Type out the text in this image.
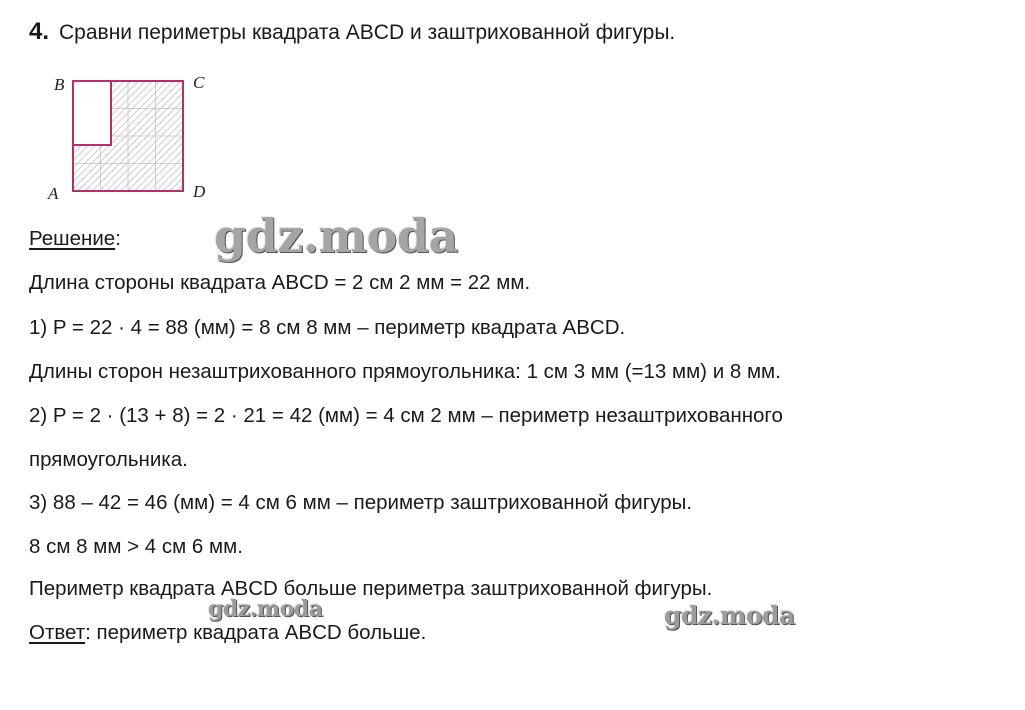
4. Сравни периметры квадрата ABCD и заштрихованной фигуры.
B	C
A	D
Решение:
Длина стороны квадрата ABCD = 2 см 2 мм = 22 мм.
1) P = 22 · 4 = 88 (мм) = 8 см 8 мм – периметр квадрата ABCD.
Длины сторон незаштрихованного прямоугольника: 1 см 3 мм (=13 мм) и 8 мм.
2) P = 2 · (13 + 8) = 2 · 21 = 42 (мм) = 4 см 2 мм – периметр незаштрихованного
прямоугольника.
3) 88 – 42 = 46 (мм) = 4 см 6 мм – периметр заштрихованной фигуры.
8 см 8 мм > 4 см 6 мм.
Периметр квадрата ABCD больше периметра заштрихованной фигуры.
Ответ: периметр квадрата ABCD больше.
gdz.moda
gdz.moda	gdz.moda
